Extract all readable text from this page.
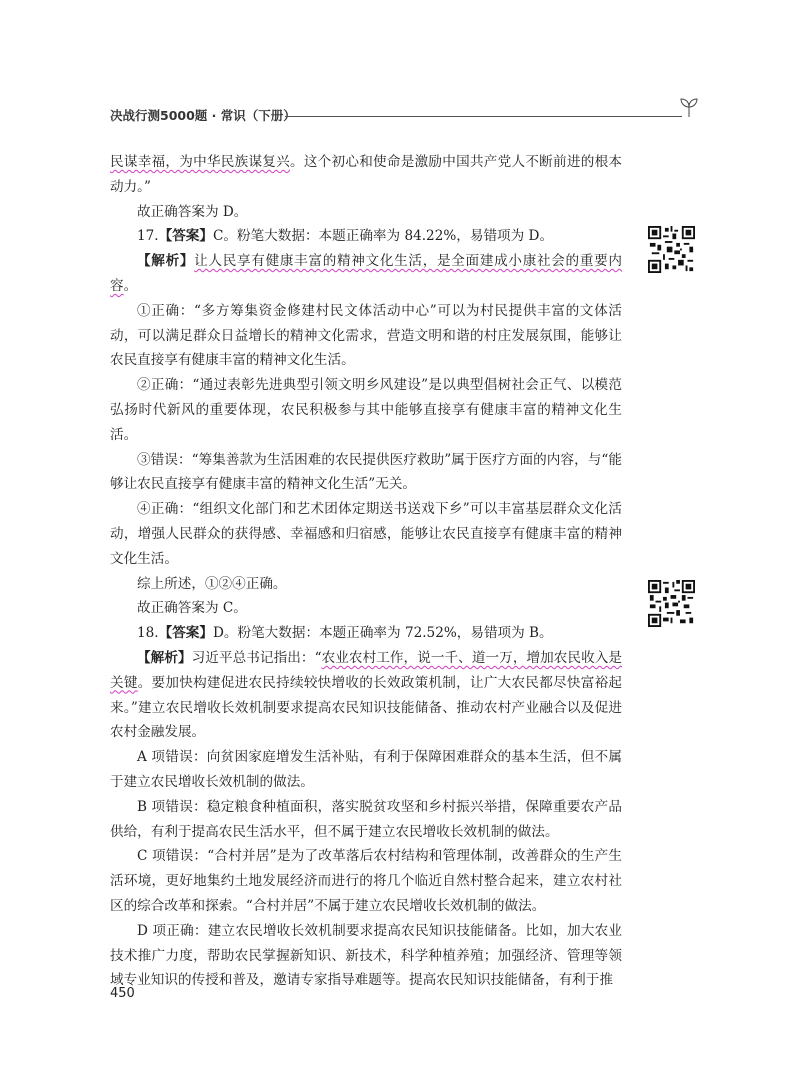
决战行测5000题 · 常识（下册）

民谋幸福，为中华民族谋复兴。这个初心和使命是激励中国共产党人不断前进的根本动力。”

故正确答案为 D。

17.【答案】C。粉笔大数据：本题正确率为 84.22%，易错项为 D。

【解析】让人民享有健康丰富的精神文化生活，是全面建成小康社会的重要内容。

①正确：“多方筹集资金修建村民文体活动中心”可以为村民提供丰富的文体活动，可以满足群众日益增长的精神文化需求，营造文明和谐的村庄发展氛围，能够让农民直接享有健康丰富的精神文化生活。

②正确：“通过表彰先进典型引领文明乡风建设”是以典型倡树社会正气、以模范弘扬时代新风的重要体现，农民积极参与其中能够直接享有健康丰富的精神文化生活。

③错误：“筹集善款为生活困难的农民提供医疗救助”属于医疗方面的内容，与“能够让农民直接享有健康丰富的精神文化生活”无关。

④正确：“组织文化部门和艺术团体定期送书送戏下乡”可以丰富基层群众文化活动，增强人民群众的获得感、幸福感和归宿感，能够让农民直接享有健康丰富的精神文化生活。

综上所述，①②④正确。

故正确答案为 C。

18.【答案】D。粉笔大数据：本题正确率为 72.52%，易错项为 B。

【解析】习近平总书记指出：“农业农村工作，说一千、道一万，增加农民收入是关键。要加快构建促进农民持续较快增收的长效政策机制，让广大农民都尽快富裕起来。”建立农民增收长效机制要求提高农民知识技能储备、推动农村产业融合以及促进农村金融发展。

A 项错误：向贫困家庭增发生活补贴，有利于保障困难群众的基本生活，但不属于建立农民增收长效机制的做法。

B 项错误：稳定粮食种植面积，落实脱贫攻坚和乡村振兴举措，保障重要农产品供给，有利于提高农民生活水平，但不属于建立农民增收长效机制的做法。

C 项错误：“合村并居”是为了改革落后农村结构和管理体制，改善群众的生产生活环境，更好地集约土地发展经济而进行的将几个临近自然村整合起来，建立农村社区的综合改革和探索。“合村并居”不属于建立农民增收长效机制的做法。

D 项正确：建立农民增收长效机制要求提高农民知识技能储备。比如，加大农业技术推广力度，帮助农民掌握新知识、新技术，科学种植养殖；加强经济、管理等领域专业知识的传授和普及，邀请专家指导难题等。提高农民知识技能储备，有利于推

450
